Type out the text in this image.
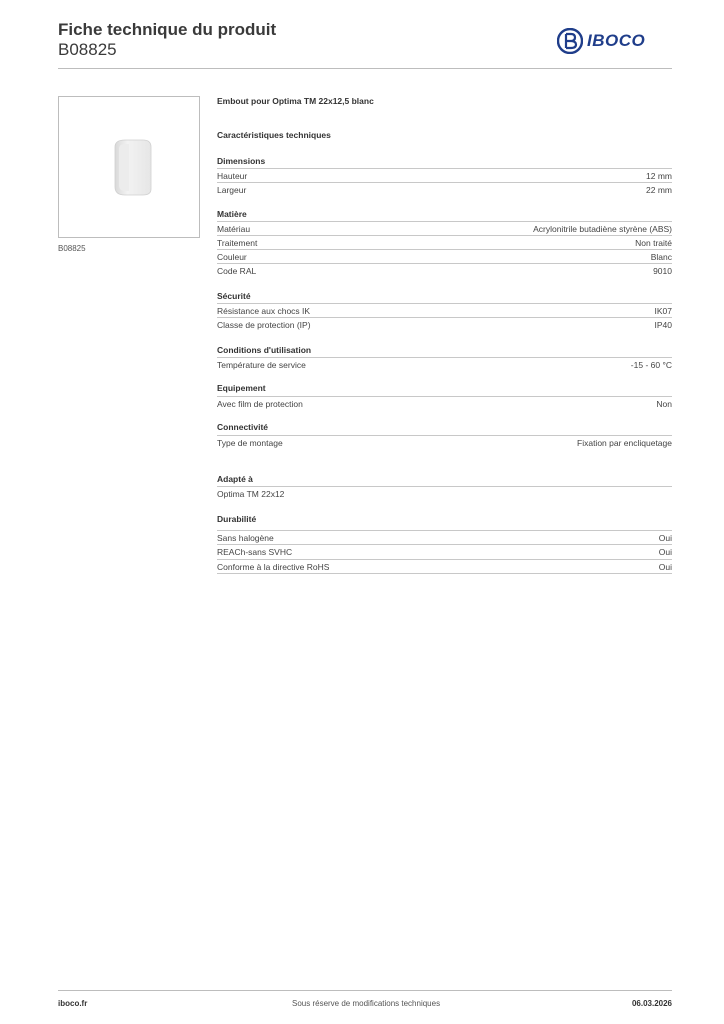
Fiche technique du produit
B08825	IBOCO
B08825
Embout pour Optima TM 22x12,5 blanc
Caractéristiques techniques
Dimensions
Hauteur	12 mm
Largeur	22 mm
Matière
Matériau	Acrylonitrile butadiène styrène (ABS)
Traitement	Non traité
Couleur	Blanc
Code RAL	9010
Sécurité
Résistance aux chocs IK	IK07
Classe de protection (IP)	IP40
Conditions d'utilisation
Température de service	-15 - 60 °C
Equipement
Avec film de protection	Non
Connectivité
Type de montage	Fixation par encliquetage
Adapté à
Optima TM 22x12
Durabilité
Sans halogène	Oui
REACh-sans SVHC	Oui
Conforme à la directive RoHS	Oui
iboco.fr	Sous réserve de modifications techniques	06.03.2026
